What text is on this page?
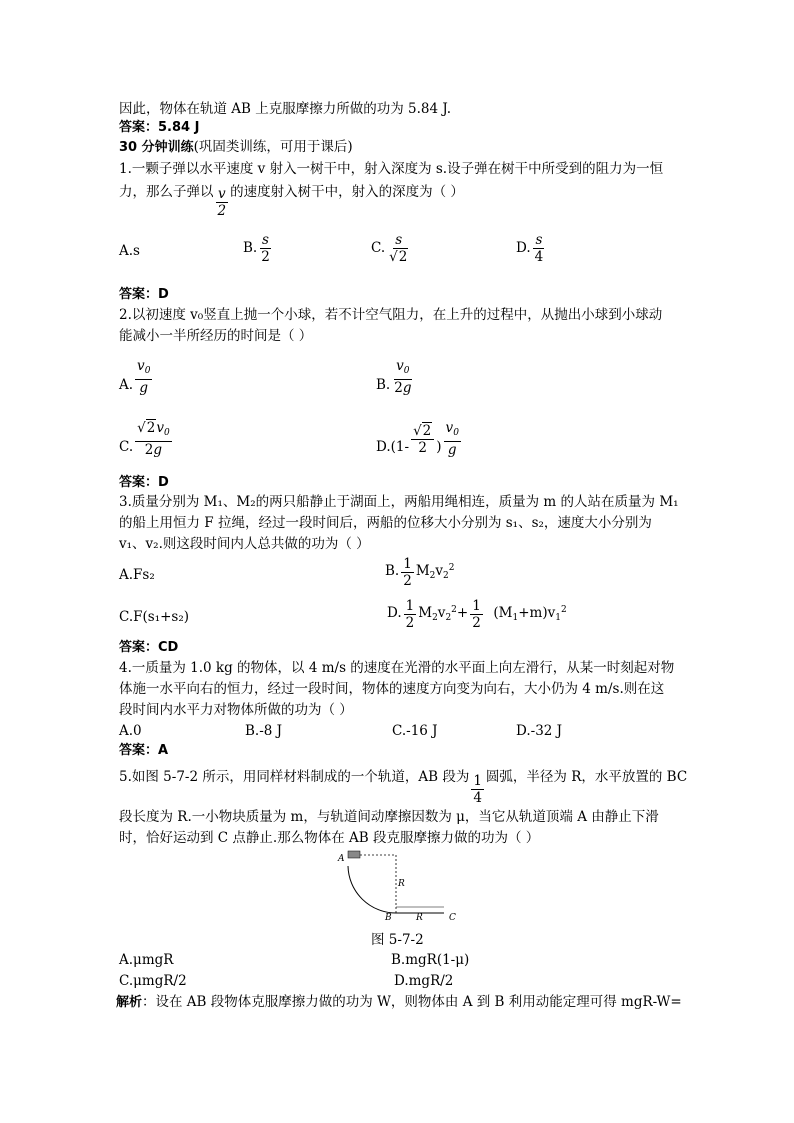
因此，物体在轨道 AB 上克服摩擦力所做的功为 5.84 J.
答案：5.84 J
30 分钟训练(巩固类训练，可用于课后)
1.一颗子弹以水平速度 v 射入一树干中，射入深度为 s.设子弹在树干中所受到的阻力为一恒
力，那么子弹以 $\frac{v}{2}$ 的速度射入树干中，射入的深度为（ ）
A.s	B. $\frac{s}{2}$	C. $\frac{s}{√2}$	D. $\frac{s}{4}$
答案：D
2.以初速度 v₀竖直上抛一个小球，若不计空气阻力，在上升的过程中，从抛出小球到小球动
能减小一半所经历的时间是（ ）
A. $\frac{v_0}{g}$	B. $\frac{v_0}{2g}$
C. $\frac{√2v_0}{2g}$	$D.(1- \frac{√2}{2}$ ) $\frac{v_0}{g}$
答案：D
3.质量分别为 M₁、M₂的两只船静止于湖面上，两船用绳相连，质量为 m 的人站在质量为 M₁
的船上用恒力 F 拉绳，经过一段时间后，两船的位移大小分别为 s₁、s₂，速度大小分别为
v₁、v₂.则这段时间内人总共做的功为（ ）
A.Fs₂	B. $\frac{1}{2} M_2v_2^2$
C.F(s₁+s₂)	D. $\frac{1}{2} M_2v_2^2+ \frac{1}{2} (M_1+m)v_1^2$
答案：CD
4.一质量为 1.0 kg 的物体，以 4 m/s 的速度在光滑的水平面上向左滑行，从某一时刻起对物
体施一水平向右的恒力，经过一段时间，物体的速度方向变为向右，大小仍为 4 m/s.则在这
段时间内水平力对物体所做的功为（ ）
A.0	B.-8 J	C.-16 J	D.-32 J
答案：A
5.如图 5-7-2 所示，用同样材料制成的一个轨道，AB 段为 $\frac{1}{4}$ 圆弧，半径为 R，水平放置的 BC
段长度为 R.一小物块质量为 m，与轨道间动摩擦因数为 μ，当它从轨道顶端 A 由静止下滑
时，恰好运动到 C 点静止.那么物体在 AB 段克服摩擦力做的功为（ ）
A m
R
B	R	C
图 5-7-2
A.μmgR	B.mgR(1-μ)
C.μmgR/2	D.mgR/2
解析：设在 AB 段物体克服摩擦力做的功为 W，则物体由 A 到 B 利用动能定理可得 mgR-W=
